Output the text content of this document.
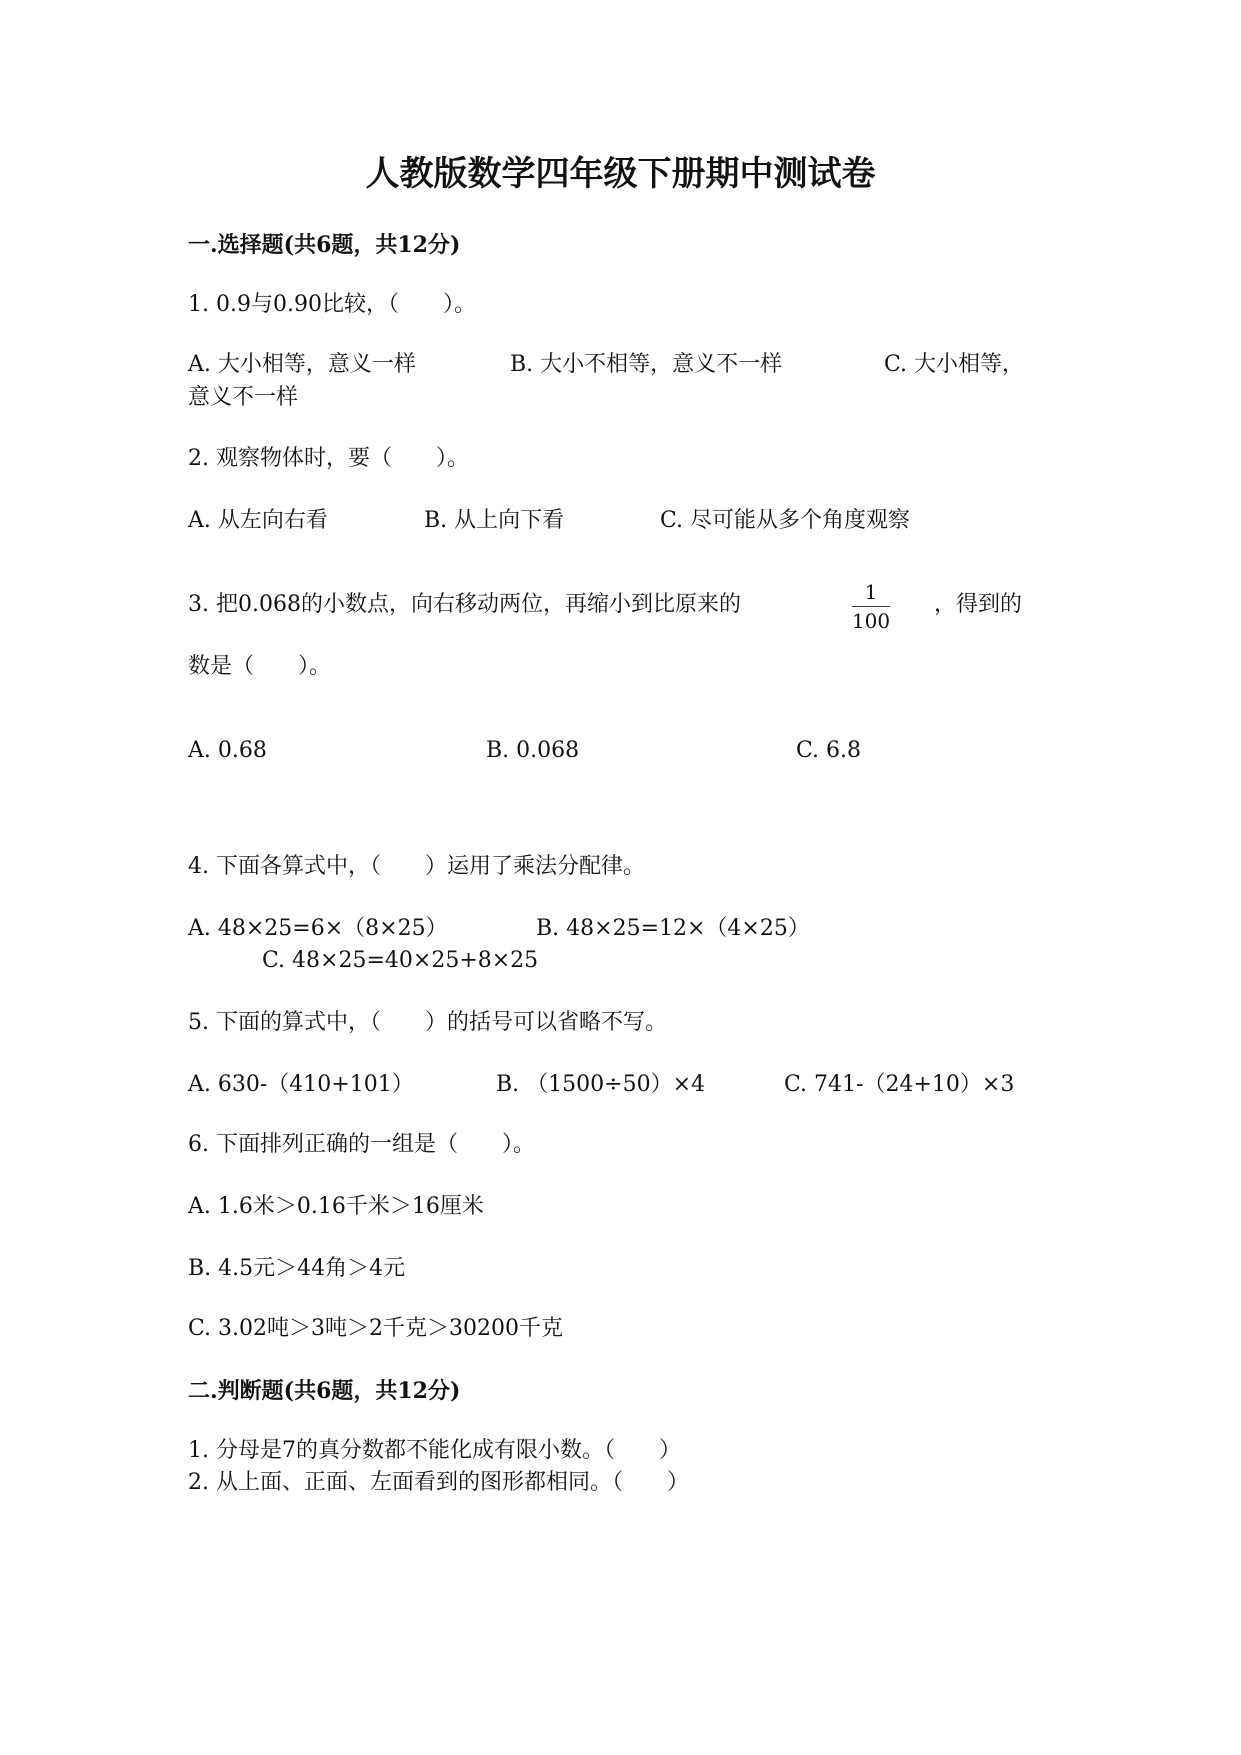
人教版数学四年级下册期中测试卷
一.选择题(共6题，共12分)
1. 0.9与0.90比较，（　　）。
A. 大小相等，意义一样	B. 大小不相等，意义不一样	C. 大小相等，
意义不一样
2. 观察物体时，要（　　）。
A. 从左向右看	B. 从上向下看	C. 尽可能从多个角度观察
3. 把0.068的小数点，向右移动两位，再缩小到比原来的	1
100
，得到的
数是（　　）。
A. 0.68	B. 0.068	C. 6.8
4. 下面各算式中，（　　）运用了乘法分配律。
A. 48×25=6×（8×25）	B. 48×25=12×（4×25）
C. 48×25=40×25+8×25
5. 下面的算式中，（　　）的括号可以省略不写。
A. 630-（410+101）	B. （1500÷50）×4	C. 741-（24+10）×3
6. 下面排列正确的一组是（　　）。
A. 1.6米＞0.16千米＞16厘米
B. 4.5元＞44角＞4元
C. 3.02吨＞3吨＞2千克＞30200千克
二.判断题(共6题，共12分)
1. 分母是7的真分数都不能化成有限小数。（　　）
2. 从上面、正面、左面看到的图形都相同。（　　）
